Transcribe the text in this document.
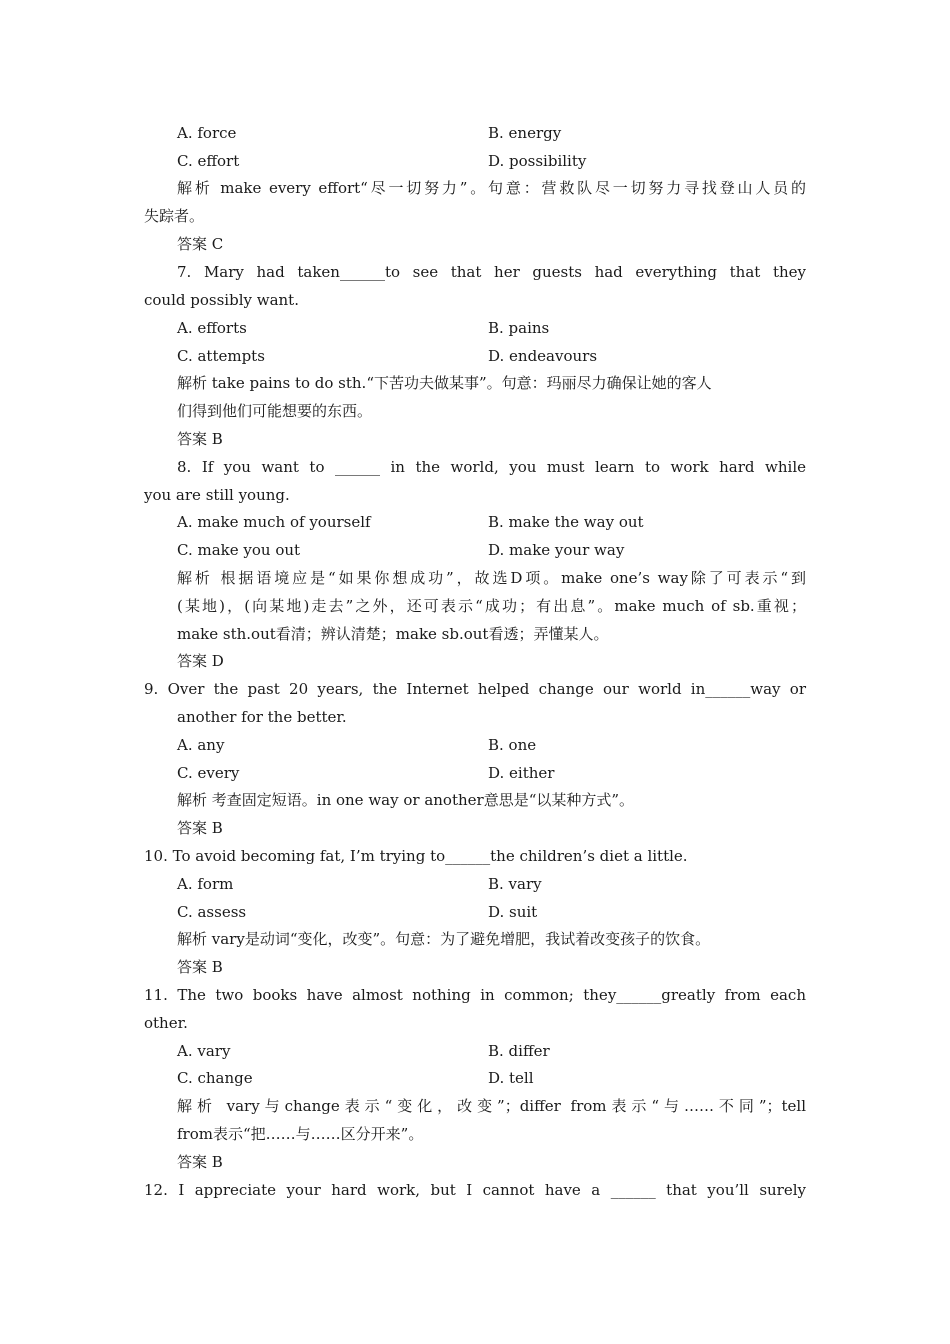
A. force	B. energy
C. effort	D. possibility
解析 make every effort“尽一切努力”。句意：营救队尽一切努力寻找登山人员的
失踪者。
答案 C
7. Mary had taken______to see that her guests had everything that they
could possibly want.
A. efforts	B. pains
C. attempts	D. endeavours
解析 take pains to do sth.“下苦功夫做某事”。句意：玛丽尽力确保让她的客人
们得到他们可能想要的东西。
答案 B
8. If you want to ______ in the world, you must learn to work hard while
you are still young.
A. make much of yourself	B. make the way out
C. make you out	D. make your way
解析 根据语境应是“如果你想成功”，故选D项。make one’s way除了可表示“到
(某地)，(向某地)走去”之外，还可表示“成功；有出息”。make much of sb.重视；
make sth.out看清；辨认清楚；make sb.out看透；弄懂某人。
答案 D
9. Over the past 20 years, the Internet helped change our world in______way or
another for the better.
A. any	B. one
C. every	D. either
解析 考查固定短语。in one way or another意思是“以某种方式”。
答案 B
10. To avoid becoming fat, I’m trying to______the children’s diet a little.
A. form	B. vary
C. assess	D. suit
解析 vary是动词“变化，改变”。句意：为了避免增肥，我试着改变孩子的饮食。
答案 B
11. The two books have almost nothing in common; they______greatly from each
other.
A. vary	B. differ
C. change	D. tell
解析 vary与change表示“变化，改变”；differ from表示“与……不同”；tell
from表示“把……与……区分开来”。
答案 B
12. I appreciate your hard work, but I cannot have a ______ that you’ll surely
